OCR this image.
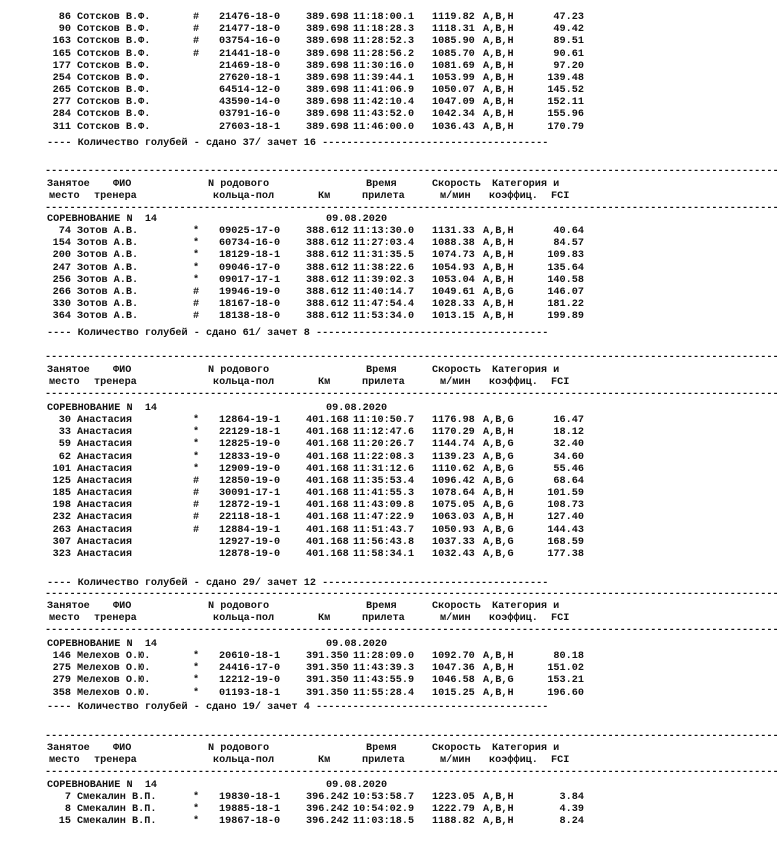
86 Сотсков В.Ф.	# 21476-18-0	389.698 11:18:00.1 1119.82 A,B,H	47.23
90 Сотсков В.Ф.	# 21477-18-0	389.698 11:18:28.3 1118.31 A,B,H	49.42
163 Сотсков В.Ф.	# 03754-16-0	389.698 11:28:52.3 1085.90 A,B,H	89.51
165 Сотсков В.Ф.	# 21441-18-0	389.698 11:28:56.2 1085.70 A,B,H	90.61
177 Сотсков В.Ф.	21469-18-0	389.698 11:30:16.0 1081.69 A,B,H	97.20
254 Сотсков В.Ф.	27620-18-1	389.698 11:39:44.1 1053.99 A,B,H	139.48
265 Сотсков В.Ф.	64514-12-0	389.698 11:41:06.9 1050.07 A,B,H	145.52
277 Сотсков В.Ф.	43590-14-0	389.698 11:42:10.4 1047.09 A,B,H	152.11
284 Сотсков В.Ф.	03791-16-0	389.698 11:43:52.0 1042.34 A,B,H	155.96
311 Сотсков В.Ф.	27603-18-1	389.698 11:46:00.0 1036.43 A,B,H	170.79
---- Количество голубей - сдано 37/ зачет 16 -------------------------------------
------------------------------------------------------------------------------------------------------------------------
Занятое ФИО	N родового	Время	Скорость Категория и
место тренера	кольца-пол	Км	прилета	м/мин коэффиц. FCI
------------------------------------------------------------------------------------------------------------------------
СОРЕВНОВАНИЕ N  14	09.08.2020
74 Зотов А.В.	* 09025-17-0	388.612 11:13:30.0 1131.33 A,B,H	40.64
154 Зотов А.В.	* 60734-16-0	388.612 11:27:03.4 1088.38 A,B,H	84.57
200 Зотов А.В.	* 18129-18-1	388.612 11:31:35.5 1074.73 A,B,H	109.83
247 Зотов А.В.	* 09046-17-0	388.612 11:38:22.6 1054.93 A,B,H	135.64
256 Зотов А.В.	* 09017-17-1	388.612 11:39:02.3 1053.04 A,B,H	140.58
266 Зотов А.В.	# 19946-19-0	388.612 11:40:14.7 1049.61 A,B,G	146.07
330 Зотов А.В.	# 18167-18-0	388.612 11:47:54.4 1028.33 A,B,H	181.22
364 Зотов А.В.	# 18138-18-0	388.612 11:53:34.0 1013.15 A,B,H	199.89
---- Количество голубей - сдано 61/ зачет 8 --------------------------------------
------------------------------------------------------------------------------------------------------------------------
Занятое ФИО	N родового	Время	Скорость Категория и
место тренера	кольца-пол	Км	прилета	м/мин коэффиц. FCI
------------------------------------------------------------------------------------------------------------------------
СОРЕВНОВАНИЕ N  14	09.08.2020
30 Анастасия	* 12864-19-1	401.168 11:10:50.7 1176.98 A,B,G	16.47
33 Анастасия	* 22129-18-1	401.168 11:12:47.6 1170.29 A,B,H	18.12
59 Анастасия	* 12825-19-0	401.168 11:20:26.7 1144.74 A,B,G	32.40
62 Анастасия	* 12833-19-0	401.168 11:22:08.3 1139.23 A,B,G	34.60
101 Анастасия	* 12909-19-0	401.168 11:31:12.6 1110.62 A,B,G	55.46
125 Анастасия	# 12850-19-0	401.168 11:35:53.4 1096.42 A,B,G	68.64
185 Анастасия	# 30091-17-1	401.168 11:41:55.3 1078.64 A,B,H	101.59
198 Анастасия	# 12872-19-1	401.168 11:43:09.8 1075.05 A,B,G	108.73
232 Анастасия	# 22118-18-1	401.168 11:47:22.9 1063.03 A,B,H	127.40
263 Анастасия	# 12884-19-1	401.168 11:51:43.7 1050.93 A,B,G	144.43
307 Анастасия	12927-19-0	401.168 11:56:43.8 1037.33 A,B,G	168.59
323 Анастасия	12878-19-0	401.168 11:58:34.1 1032.43 A,B,G	177.38
---- Количество голубей - сдано 29/ зачет 12 -------------------------------------
------------------------------------------------------------------------------------------------------------------------
Занятое ФИО	N родового	Время	Скорость Категория и
место тренера	кольца-пол	Км	прилета	м/мин коэффиц. FCI
------------------------------------------------------------------------------------------------------------------------
СОРЕВНОВАНИЕ N  14	09.08.2020
146 Мелехов О.Ю.	* 20610-18-1	391.350 11:28:09.0 1092.70 A,B,H	80.18
275 Мелехов О.Ю.	* 24416-17-0	391.350 11:43:39.3 1047.36 A,B,H	151.02
279 Мелехов О.Ю.	* 12212-19-0	391.350 11:43:55.9 1046.58 A,B,G	153.21
358 Мелехов О.Ю.	* 01193-18-1	391.350 11:55:28.4 1015.25 A,B,H	196.60
---- Количество голубей - сдано 19/ зачет 4 --------------------------------------
------------------------------------------------------------------------------------------------------------------------
Занятое ФИО	N родового	Время	Скорость Категория и
место тренера	кольца-пол	Км	прилета	м/мин коэффиц. FCI
------------------------------------------------------------------------------------------------------------------------
СОРЕВНОВАНИЕ N  14	09.08.2020
7 Смекалин В.П.	* 19830-18-1	396.242 10:53:58.7 1223.05 A,B,H	3.84
8 Смекалин В.П.	* 19885-18-1	396.242 10:54:02.9 1222.79 A,B,H	4.39
15 Смекалин В.П.	* 19867-18-0	396.242 11:03:18.5 1188.82 A,B,H	8.24
